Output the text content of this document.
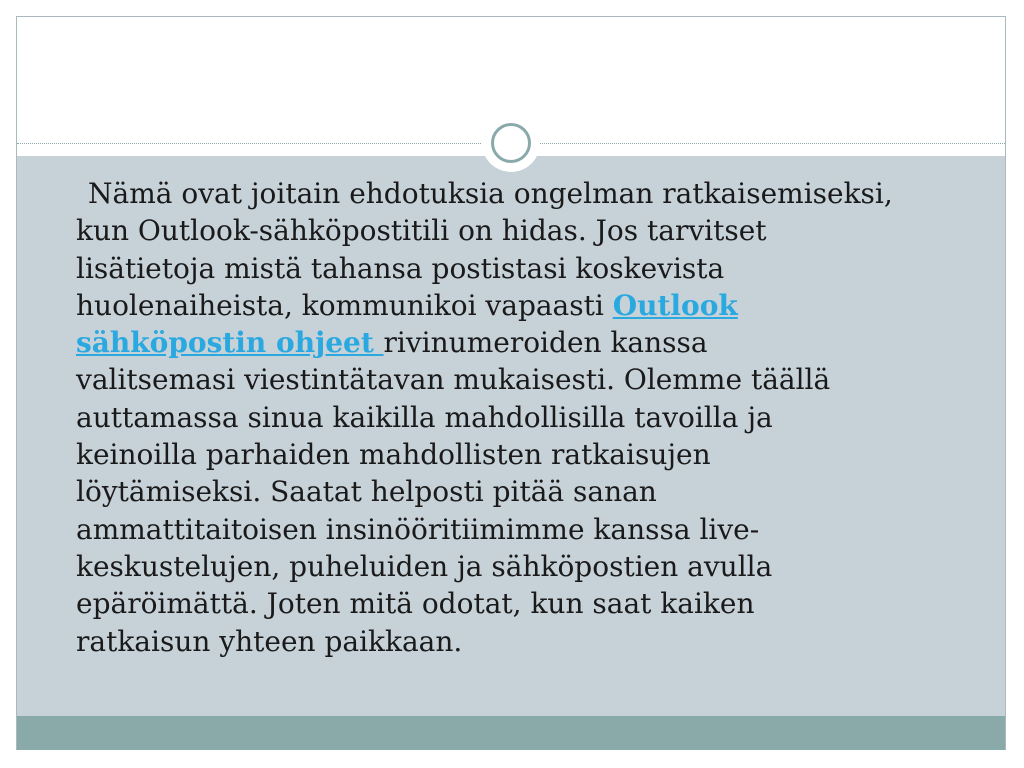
Nämä ovat joitain ehdotuksia ongelman ratkaisemiseksi,
kun Outlook-sähköpostitili on hidas. Jos tarvitset
lisätietoja mistä tahansa postistasi koskevista
huolenaiheista, kommunikoi vapaasti Outlook
sähköpostin ohjeet rivinumeroiden kanssa
valitsemasi viestintätavan mukaisesti. Olemme täällä
auttamassa sinua kaikilla mahdollisilla tavoilla ja
keinoilla parhaiden mahdollisten ratkaisujen
löytämiseksi. Saatat helposti pitää sanan
ammattitaitoisen insinööritiimimme kanssa live-
keskustelujen, puheluiden ja sähköpostien avulla
epäröimättä. Joten mitä odotat, kun saat kaiken
ratkaisun yhteen paikkaan.
